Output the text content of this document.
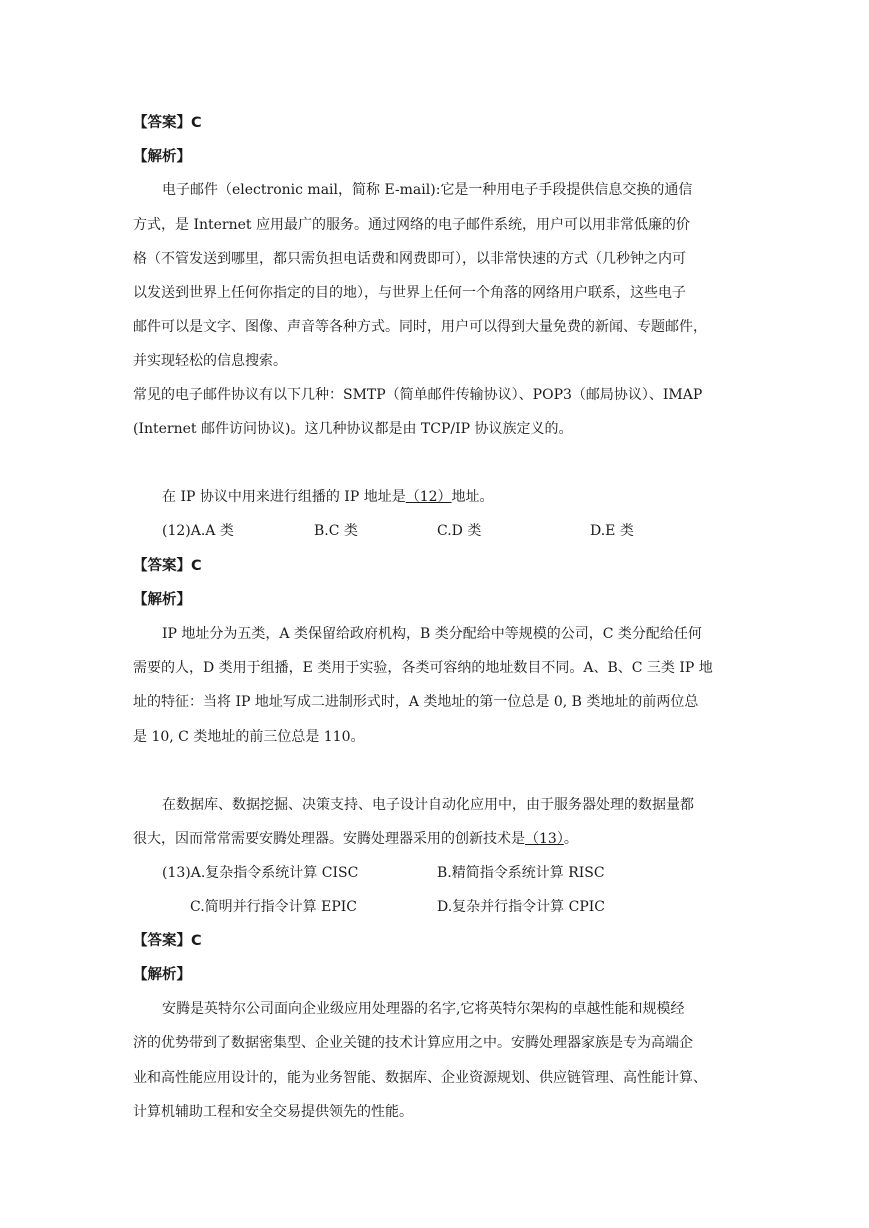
【答案】C
【解析】
电子邮件（electronic mail，简称 E-mail):它是一种用电子手段提供信息交换的通信
方式，是 Internet 应用最广的服务。通过网络的电子邮件系统，用户可以用非常低廉的价
格（不管发送到哪里，都只需负担电话费和网费即可），以非常快速的方式（几秒钟之内可
以发送到世界上任何你指定的目的地），与世界上任何一个角落的网络用户联系，这些电子
邮件可以是文字、图像、声音等各种方式。同时，用户可以得到大量免费的新闻、专题邮件，
并实现轻松的信息搜索。
常见的电子邮件协议有以下几种：SMTP（简单邮件传输协议）、POP3（邮局协议）、IMAP
(Internet 邮件访问协议)。这几种协议都是由 TCP/IP 协议族定义的。
在 IP 协议中用来进行组播的 IP 地址是（12）地址。
(12)A.A 类	B.C 类	C.D 类	D.E 类
【答案】C
【解析】
IP 地址分为五类，A 类保留给政府机构，B 类分配给中等规模的公司，C 类分配给任何
需要的人，D 类用于组播，E 类用于实验，各类可容纳的地址数目不同。A、B、C 三类 IP 地
址的特征：当将 IP 地址写成二进制形式时，A 类地址的第一位总是 0, B 类地址的前两位总
是 10, C 类地址的前三位总是 110。
在数据库、数据挖掘、决策支持、电子设计自动化应用中，由于服务器处理的数据量都
很大，因而常常需要安腾处理器。安腾处理器采用的创新技术是（13）。
(13)A.复杂指令系统计算 CISC	B.精简指令系统计算 RISC
C.简明并行指令计算 EPIC	D.复杂并行指令计算 CPIC
【答案】C
【解析】
安腾是英特尔公司面向企业级应用处理器的名字,它将英特尔架构的卓越性能和规模经
济的优势带到了数据密集型、企业关键的技术计算应用之中。安腾处理器家族是专为高端企
业和高性能应用设计的，能为业务智能、数据库、企业资源规划、供应链管理、高性能计算、
计算机辅助工程和安全交易提供领先的性能。
